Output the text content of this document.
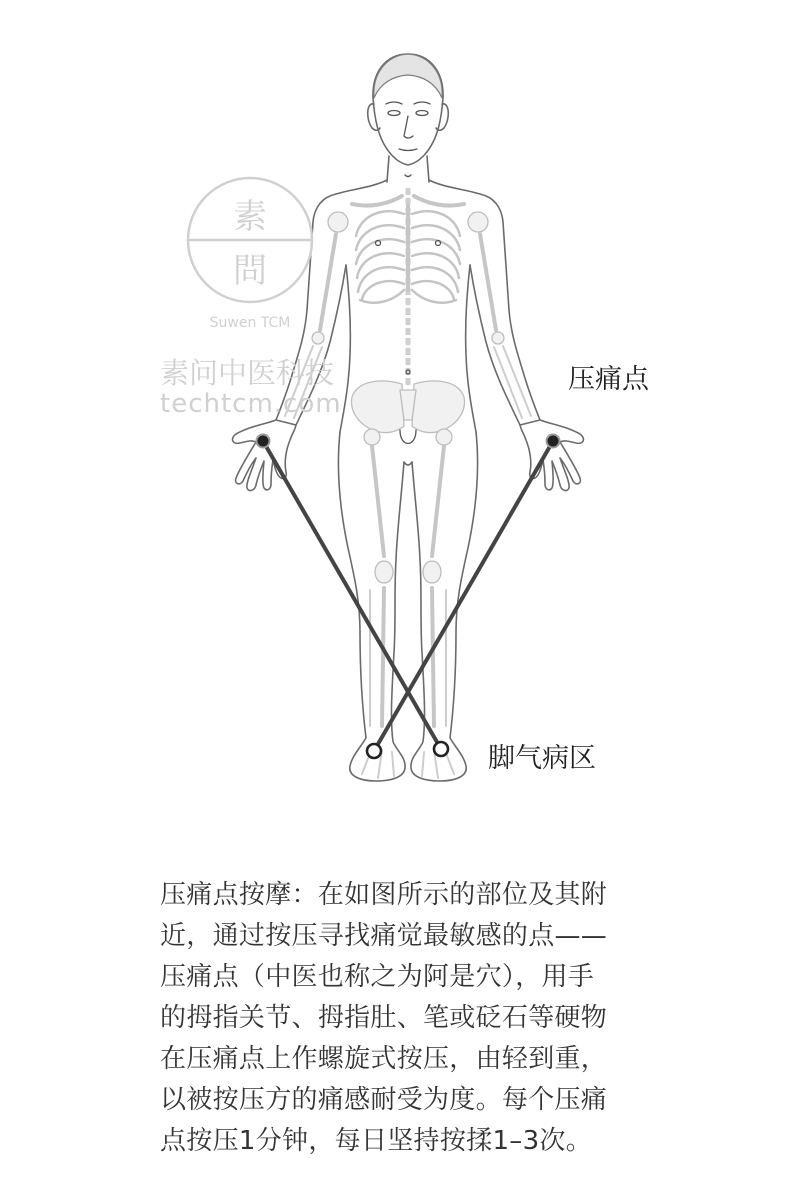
素
問
Suwen TCM
素问中医科技
techtcm.com
压痛点
脚气病区
压痛点按摩：在如图所示的部位及其附
近，通过按压寻找痛觉最敏感的点——
压痛点（中医也称之为阿是穴），用手
的拇指关节、拇指肚、笔或砭石等硬物
在压痛点上作螺旋式按压，由轻到重，
以被按压方的痛感耐受为度。每个压痛
点按压1分钟，每日坚持按揉1–3次。
